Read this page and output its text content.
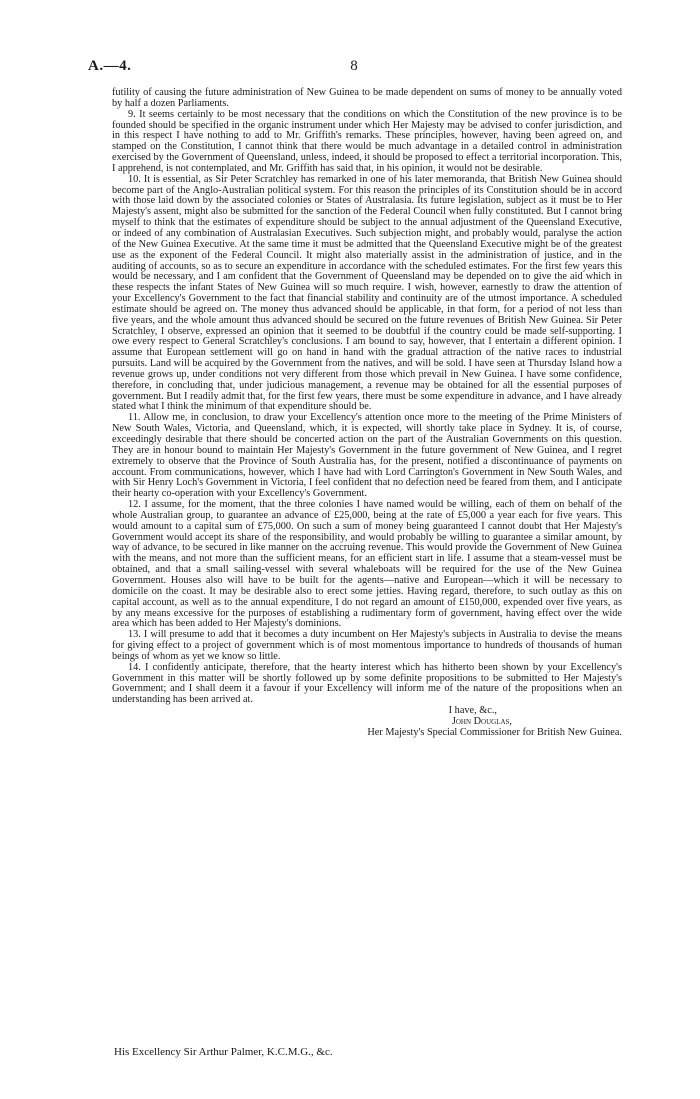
A.—4.	8

futility of causing the future administration of New Guinea to be made dependent on sums of money to be annually voted by half a dozen Parliaments.

9. It seems certainly to be most necessary that the conditions on which the Constitution of the new province is to be founded should be specified in the organic instrument under which Her Majesty may be advised to confer jurisdiction, and in this respect I have nothing to add to Mr. Griffith's remarks. These principles, however, having been agreed on, and stamped on the Constitution, I cannot think that there would be much advantage in a detailed control in administration exercised by the Government of Queensland, unless, indeed, it should be proposed to effect a territorial incorporation. This, I apprehend, is not contemplated, and Mr. Griffith has said that, in his opinion, it would not be desirable.

10. It is essential, as Sir Peter Scratchley has remarked in one of his later memoranda, that British New Guinea should become part of the Anglo-Australian political system. For this reason the principles of its Constitution should be in accord with those laid down by the associated colonies or States of Australasia. Its future legislation, subject as it must be to Her Majesty's assent, might also be submitted for the sanction of the Federal Council when fully constituted. But I cannot bring myself to think that the estimates of expenditure should be subject to the annual adjustment of the Queensland Executive, or indeed of any combination of Australasian Executives. Such subjection might, and probably would, paralyse the action of the New Guinea Executive. At the same time it must be admitted that the Queensland Executive might be of the greatest use as the exponent of the Federal Council. It might also materially assist in the administration of justice, and in the auditing of accounts, so as to secure an expenditure in accordance with the scheduled estimates. For the first few years this would be necessary, and I am confident that the Government of Queensland may be depended on to give the aid which in these respects the infant States of New Guinea will so much require. I wish, however, earnestly to draw the attention of your Excellency's Government to the fact that financial stability and continuity are of the utmost importance. A scheduled estimate should be agreed on. The money thus advanced should be applicable, in that form, for a period of not less than five years, and the whole amount thus advanced should be secured on the future revenues of British New Guinea. Sir Peter Scratchley, I observe, expressed an opinion that it seemed to be doubtful if the country could be made self-supporting. I owe every respect to General Scratchley's conclusions. I am bound to say, however, that I entertain a different opinion. I assume that European settlement will go on hand in hand with the gradual attraction of the native races to industrial pursuits. Land will be acquired by the Government from the natives, and will be sold. I have seen at Thursday Island how a revenue grows up, under conditions not very different from those which prevail in New Guinea. I have some confidence, therefore, in concluding that, under judicious management, a revenue may be obtained for all the essential purposes of government. But I readily admit that, for the first few years, there must be some expenditure in advance, and I have already stated what I think the minimum of that expenditure should be.

11. Allow me, in conclusion, to draw your Excellency's attention once more to the meeting of the Prime Ministers of New South Wales, Victoria, and Queensland, which, it is expected, will shortly take place in Sydney. It is, of course, exceedingly desirable that there should be concerted action on the part of the Australian Governments on this question. They are in honour bound to maintain Her Majesty's Government in the future government of New Guinea, and I regret extremely to observe that the Province of South Australia has, for the present, notified a discontinuance of payments on account. From communications, however, which I have had with Lord Carrington's Government in New South Wales, and with Sir Henry Loch's Government in Victoria, I feel confident that no defection need be feared from them, and I anticipate their hearty co-operation with your Excellency's Government.

12. I assume, for the moment, that the three colonies I have named would be willing, each of them on behalf of the whole Australian group, to guarantee an advance of £25,000, being at the rate of £5,000 a year each for five years. This would amount to a capital sum of £75,000. On such a sum of money being guaranteed I cannot doubt that Her Majesty's Government would accept its share of the responsibility, and would probably be willing to guarantee a similar amount, by way of advance, to be secured in like manner on the accruing revenue. This would provide the Government of New Guinea with the means, and not more than the sufficient means, for an efficient start in life. I assume that a steam-vessel must be obtained, and that a small sailing-vessel with several whaleboats will be required for the use of the New Guinea Government. Houses also will have to be built for the agents—native and European—which it will be necessary to domicile on the coast. It may be desirable also to erect some jetties. Having regard, therefore, to such outlay as this on capital account, as well as to the annual expenditure, I do not regard an amount of £150,000, expended over five years, as by any means excessive for the purposes of establishing a rudimentary form of government, having effect over the wide area which has been added to Her Majesty's dominions.

13. I will presume to add that it becomes a duty incumbent on Her Majesty's subjects in Australia to devise the means for giving effect to a project of government which is of most momentous importance to hundreds of thousands of human beings of whom as yet we know so little.

14. I confidently anticipate, therefore, that the hearty interest which has hitherto been shown by your Excellency's Government in this matter will be shortly followed up by some definite propositions to be submitted to Her Majesty's Government; and I shall deem it a favour if your Excellency will inform me of the nature of the propositions when an understanding has been arrived at.

I have, &c.,

John Douglas,

Her Majesty's Special Commissioner for British New Guinea.

His Excellency Sir Arthur Palmer, K.C.M.G., &c.
